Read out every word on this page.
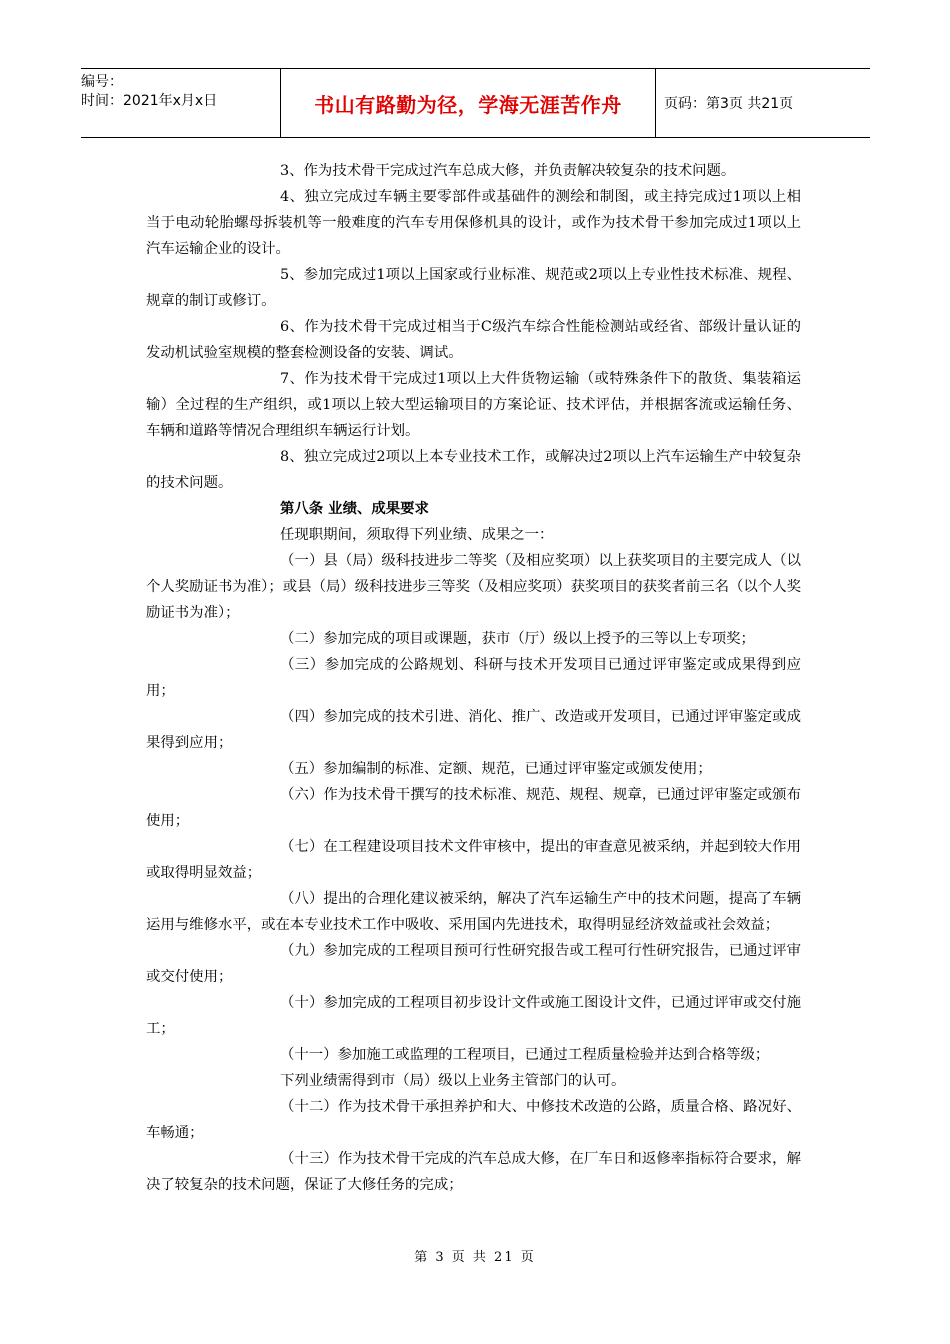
编号：
时间：2021年x月x日	书山有路勤为径，学海无涯苦作舟	页码：第3页 共21页

3、作为技术骨干完成过汽车总成大修，并负责解决较复杂的技术问题。

4、独立完成过车辆主要零部件或基础件的测绘和制图，或主持完成过1项以上相当于电动轮胎螺母拆装机等一般难度的汽车专用保修机具的设计，或作为技术骨干参加完成过1项以上汽车运输企业的设计。

5、参加完成过1项以上国家或行业标准、规范或2项以上专业性技术标准、规程、规章的制订或修订。

6、作为技术骨干完成过相当于C级汽车综合性能检测站或经省、部级计量认证的发动机试验室规模的整套检测设备的安装、调试。

7、作为技术骨干完成过1项以上大件货物运输（或特殊条件下的散货、集装箱运输）全过程的生产组织，或1项以上较大型运输项目的方案论证、技术评估，并根据客流或运输任务、车辆和道路等情况合理组织车辆运行计划。

8、独立完成过2项以上本专业技术工作，或解决过2项以上汽车运输生产中较复杂的技术问题。

第八条 业绩、成果要求

任现职期间，须取得下列业绩、成果之一：

（一）县（局）级科技进步二等奖（及相应奖项）以上获奖项目的主要完成人（以个人奖励证书为准）；或县（局）级科技进步三等奖（及相应奖项）获奖项目的获奖者前三名（以个人奖励证书为准）；

（二）参加完成的项目或课题，获市（厅）级以上授予的三等以上专项奖；

（三）参加完成的公路规划、科研与技术开发项目已通过评审鉴定或成果得到应用；

（四）参加完成的技术引进、消化、推广、改造或开发项目，已通过评审鉴定或成果得到应用；

（五）参加编制的标准、定额、规范，已通过评审鉴定或颁发使用；

（六）作为技术骨干撰写的技术标准、规范、规程、规章，已通过评审鉴定或颁布使用；

（七）在工程建设项目技术文件审核中，提出的审查意见被采纳，并起到较大作用或取得明显效益；

（八）提出的合理化建议被采纳，解决了汽车运输生产中的技术问题，提高了车辆运用与维修水平，或在本专业技术工作中吸收、采用国内先进技术，取得明显经济效益或社会效益；

（九）参加完成的工程项目预可行性研究报告或工程可行性研究报告，已通过评审或交付使用；

（十）参加完成的工程项目初步设计文件或施工图设计文件，已通过评审或交付施工；

（十一）参加施工或监理的工程项目，已通过工程质量检验并达到合格等级；

下列业绩需得到市（局）级以上业务主管部门的认可。

（十二）作为技术骨干承担养护和大、中修技术改造的公路，质量合格、路况好、车畅通；

（十三）作为技术骨干完成的汽车总成大修，在厂车日和返修率指标符合要求，解决了较复杂的技术问题，保证了大修任务的完成；

第 3 页 共 21 页
